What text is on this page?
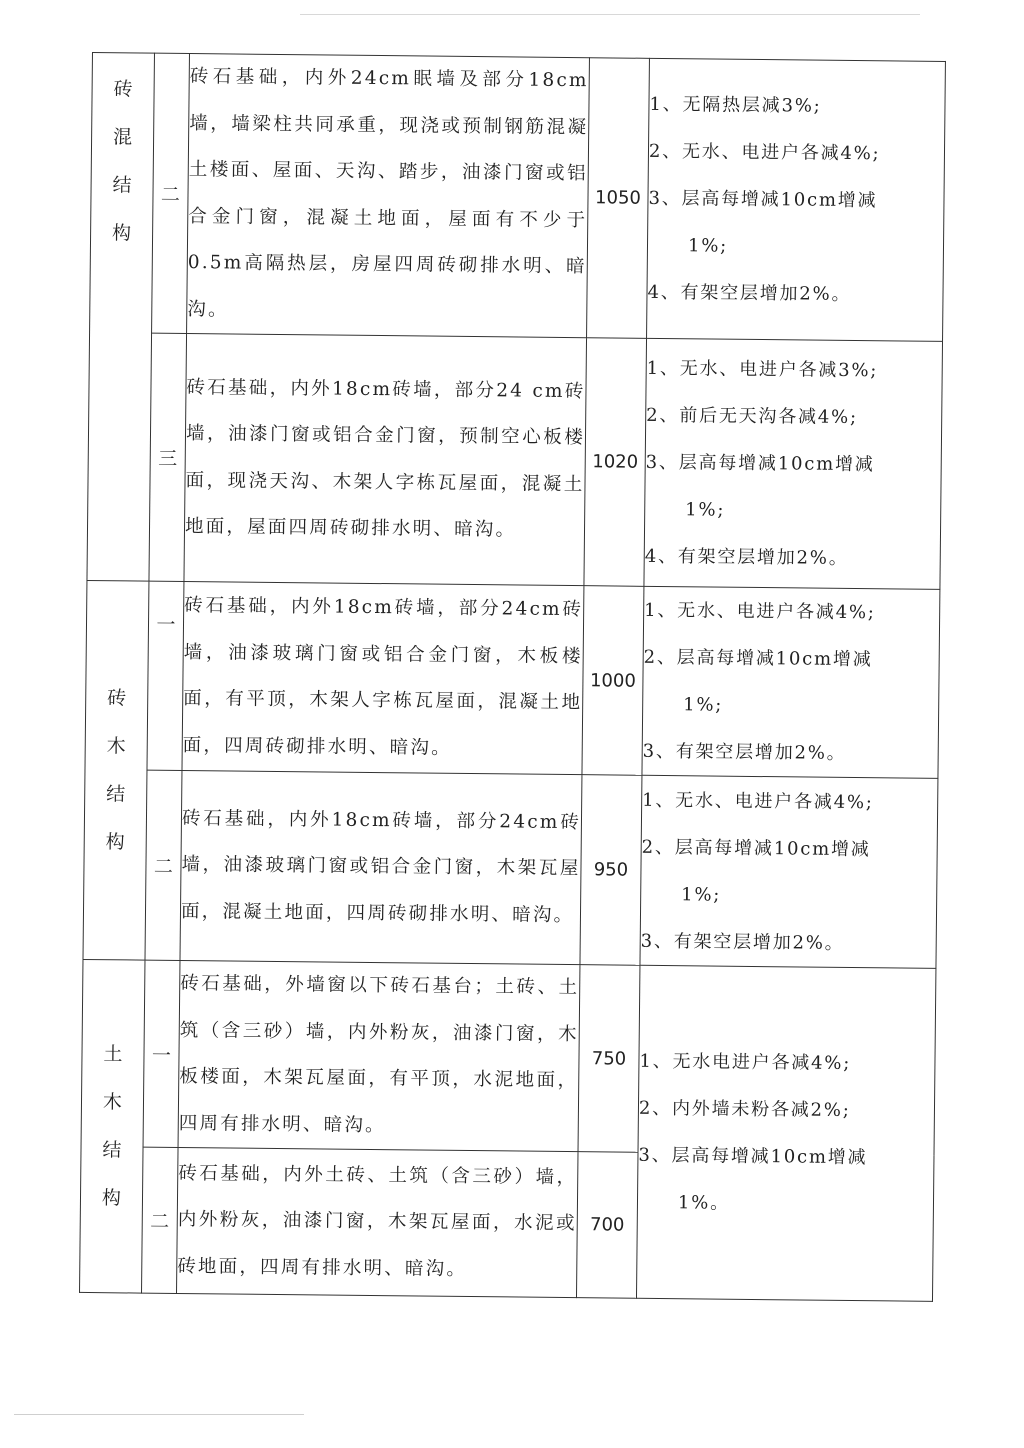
砖混结构	二	砖石基础，内外24cm眠墙及部分18cm墙，墙梁柱共同承重，现浇或预制钢筋混凝土楼面、屋面、天沟、踏步，油漆门窗或铝合金门窗，混凝土地面，屋面有不少于0.5m高隔热层，房屋四周砖砌排水明、暗沟。	1050	1、无隔热层减3%;
2、无水、电进户各减4%;
3、层高每增减10cm增减
1%;
4、有架空层增加2%。

	三	砖石基础，内外18cm砖墙，部分24 cm砖墙，油漆门窗或铝合金门窗，预制空心板楼面，现浇天沟、木架人字栋瓦屋面，混凝土地面，屋面四周砖砌排水明、暗沟。	1020	1、无水、电进户各减3%;
2、前后无天沟各减4%;
3、层高每增减10cm增减
1%;
4、有架空层增加2%。

砖木结构	一	砖石基础，内外18cm砖墙，部分24cm砖墙，油漆玻璃门窗或铝合金门窗，木板楼面，有平顶，木架人字栋瓦屋面，混凝土地面，四周砖砌排水明、暗沟。	1000	1、无水、电进户各减4%;
2、层高每增减10cm增减
1%;
3、有架空层增加2%。

	二	砖石基础，内外18cm砖墙，部分24cm砖墙，油漆玻璃门窗或铝合金门窗，木架瓦屋面，混凝土地面，四周砖砌排水明、暗沟。	950	1、无水、电进户各减4%;
2、层高每增减10cm增减
1%;
3、有架空层增加2%。

土木结构	一	砖石基础，外墙窗以下砖石基台；土砖、土筑（含三砂）墙，内外粉灰，油漆门窗，木板楼面，木架瓦屋面，有平顶，水泥地面，四周有排水明、暗沟。	750	1、无水电进户各减4%;
2、内外墙未粉各减2%;
3、层高每增减10cm增减
1%。

	二	砖石基础，内外土砖、土筑（含三砂）墙，内外粉灰，油漆门窗，木架瓦屋面，水泥或砖地面，四周有排水明、暗沟。	700	
